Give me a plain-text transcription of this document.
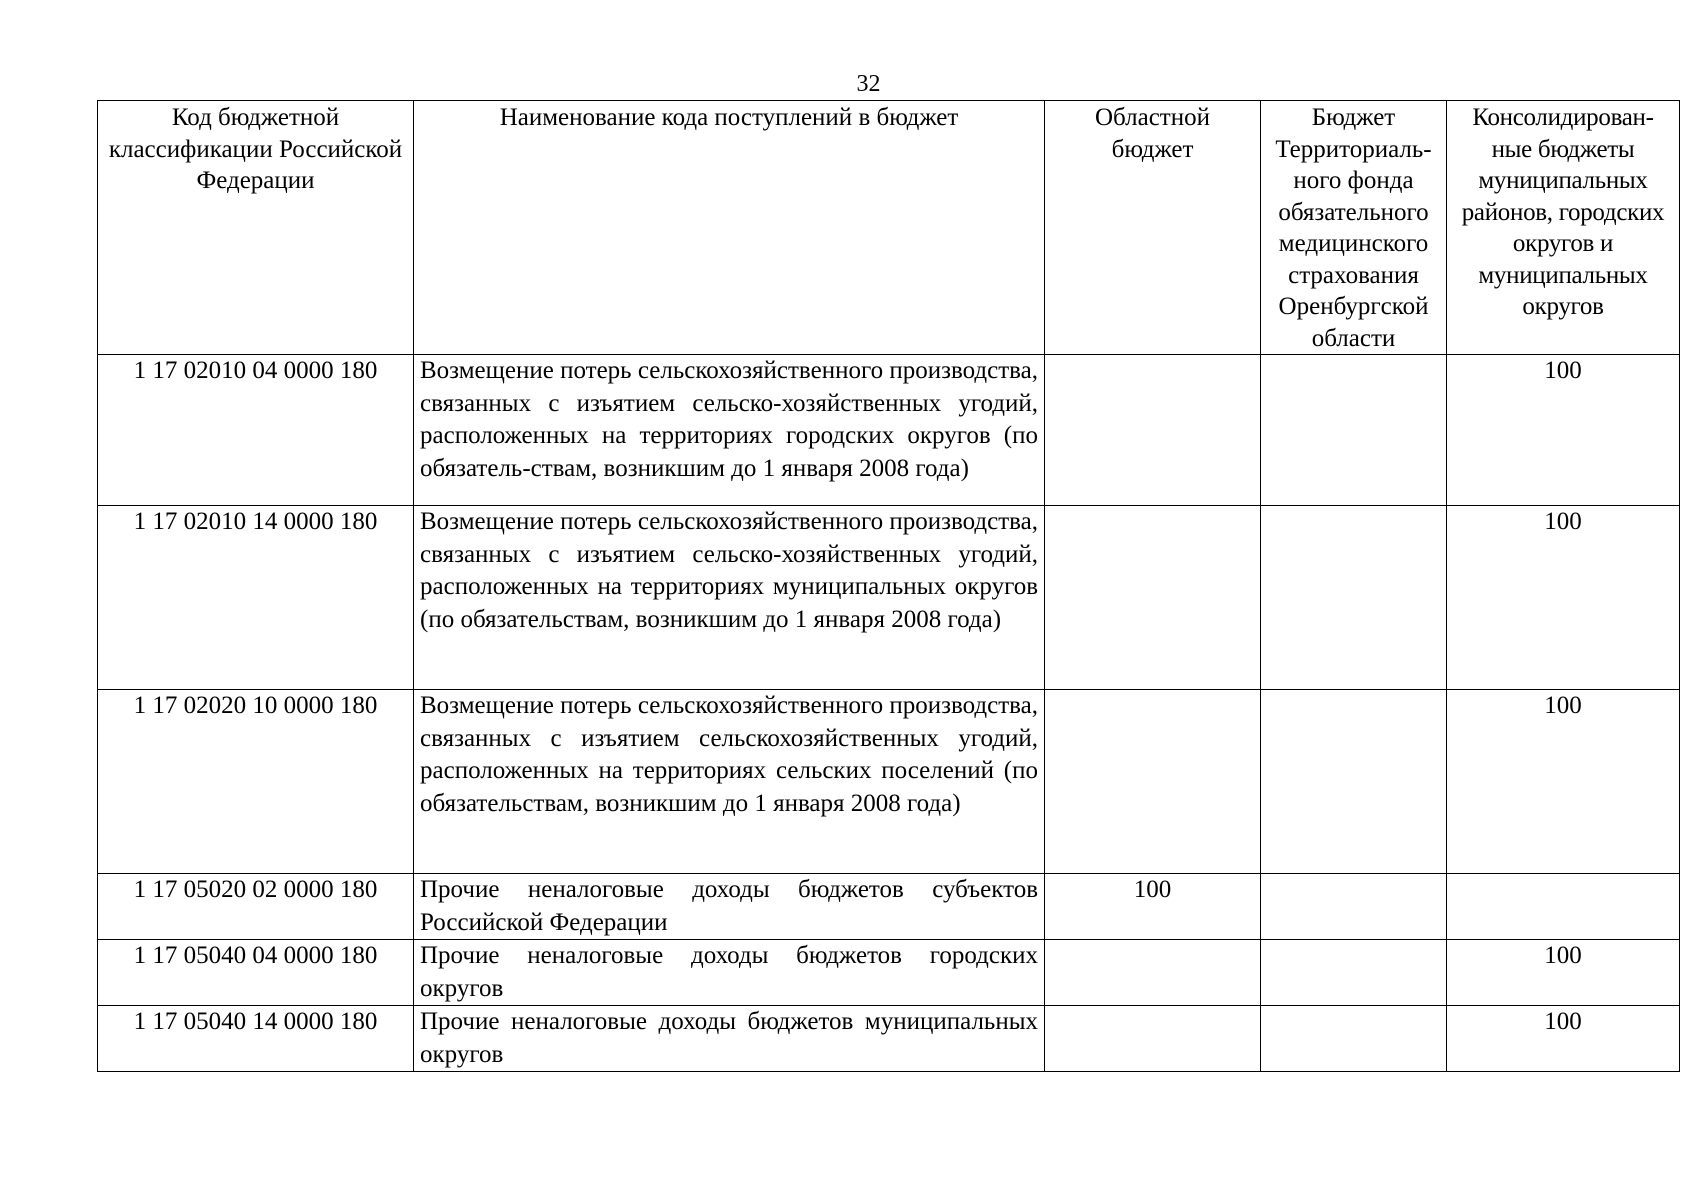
32
Код бюджетной классификации Российской Федерации	Наименование кода поступлений в бюджет	Областной бюджет	Бюджет Территориаль-ного фонда обязательного медицинского страхования Оренбургской области	Консолидирован-ные бюджеты муниципальных районов, городских округов и муниципальных округов
1 17 02010 04 0000 180	Возмещение потерь сельскохозяйственного производства, связанных с изъятием сельско-хозяйственных угодий, расположенных на территориях городских округов (по обязатель-ствам, возникшим до 1 января 2008 года)			100
1 17 02010 14 0000 180	Возмещение потерь сельскохозяйственного производства, связанных с изъятием сельско-хозяйственных угодий, расположенных на территориях муниципальных округов (по обязательствам, возникшим до 1 января 2008 года)			100
1 17 02020 10 0000 180	Возмещение потерь сельскохозяйственного производства, связанных с изъятием сельскохозяйственных угодий, расположенных на территориях сельских поселений (по обязательствам, возникшим до 1 января 2008 года)			100
1 17 05020 02 0000 180	Прочие неналоговые доходы бюджетов субъектов Российской Федерации	100		
1 17 05040 04 0000 180	Прочие неналоговые доходы бюджетов городских округов			100
1 17 05040 14 0000 180	Прочие неналоговые доходы бюджетов муниципальных округов			100
